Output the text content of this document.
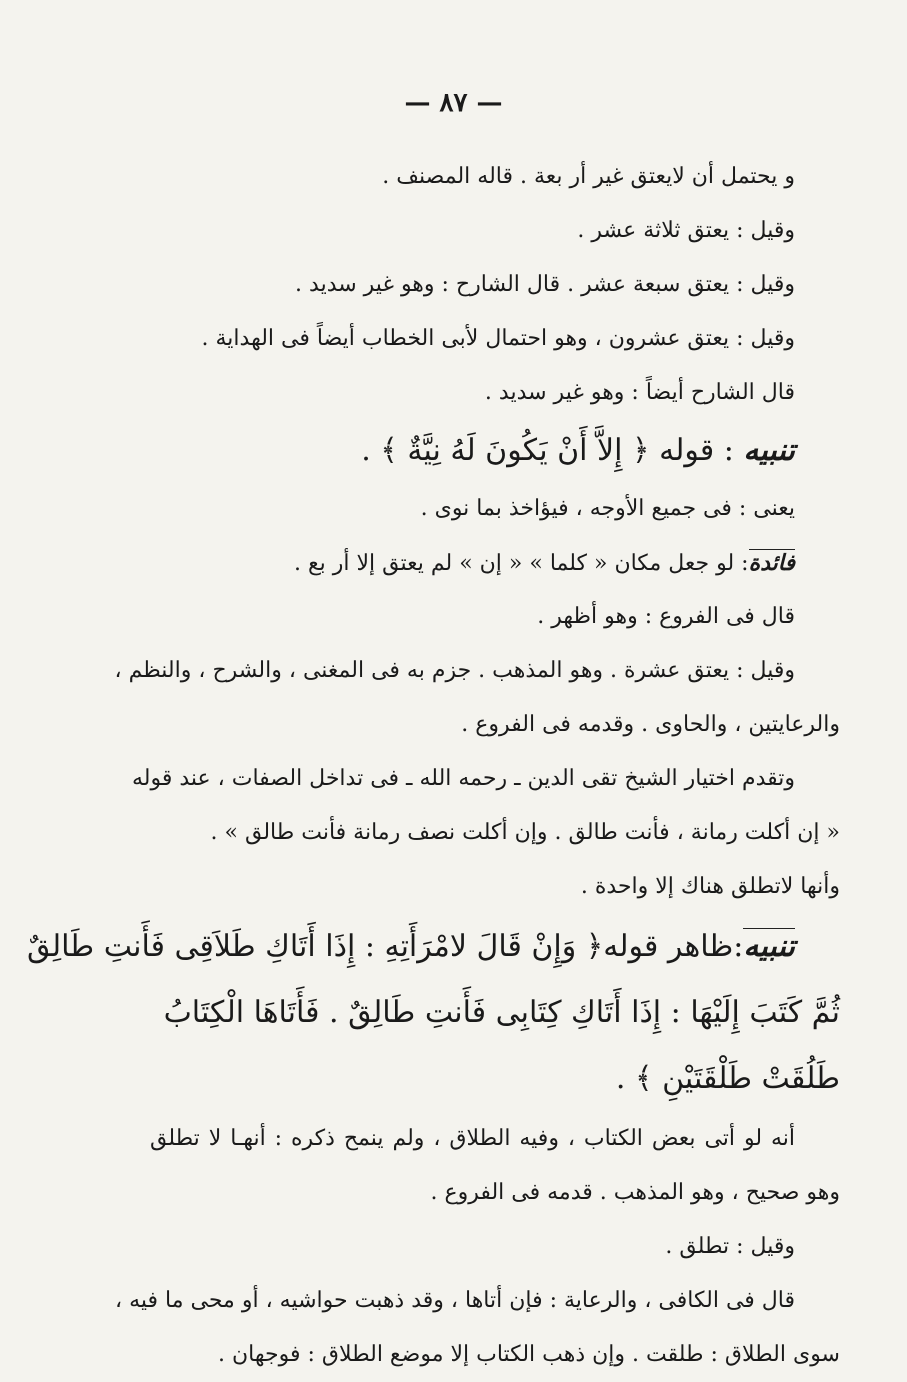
— ٨٧ —
و يحتمل أن لايعتق غير أر بعة . قاله المصنف .
وقيل : يعتق ثلاثة عشر .
وقيل : يعتق سبعة عشر . قال الشارح : وهو غير سديد .
وقيل : يعتق عشرون ، وهو احتمال لأبى الخطاب أيضاً فى الهداية .
قال الشارح أيضاً : وهو غير سديد .
تنبيه : قوله ﴿ إِلاَّ أَنْ يَكُونَ لَهُ نِيَّةٌ ﴾ .
يعنى : فى جميع الأوجه ، فيؤاخذ بما نوى .
فائدة: لو جعل مكان « كلما » « إن » لم يعتق إلا أر بع .
قال فى الفروع : وهو أظهر .
وقيل : يعتق عشرة . وهو المذهب . جزم به فى المغنى ، والشرح ، والنظم ،
والرعايتين ، والحاوى . وقدمه فى الفروع .
وتقدم اختيار الشيخ تقى الدين ـ رحمه الله ـ فى تداخل الصفات ، عند قوله
« إن أكلت رمانة ، فأنت طالق . وإن أكلت نصف رمانة فأنت طالق » .
وأنها لاتطلق هناك إلا واحدة .
تنبيه:ظاهر قوله﴿ وَإِنْ قَالَ لامْرَأَتِهِ : إِذَا أَتَاكِ طَلاَقِى فَأَنتِ طَالِقٌ
ثُمَّ كَتَبَ إِلَيْهَا : إِذَا أَتَاكِ كِتَابِى فَأَنتِ طَالِقٌ . فَأَتَاهَا الْكِتَابُ
طَلُقَتْ طَلْقَتَيْنِ ﴾ .
أنه لو أتى بعض الكتاب ، وفيه الطلاق ، ولم ينمح ذكره : أنهـا لا تطلق
وهو صحيح ، وهو المذهب . قدمه فى الفروع .
وقيل : تطلق .
قال فى الكافى ، والرعاية : فإن أتاها ، وقد ذهبت حواشيه ، أو محى ما فيه ،
سوى الطلاق : طلقت . وإن ذهب الكتاب إلا موضع الطلاق : فوجهان .
